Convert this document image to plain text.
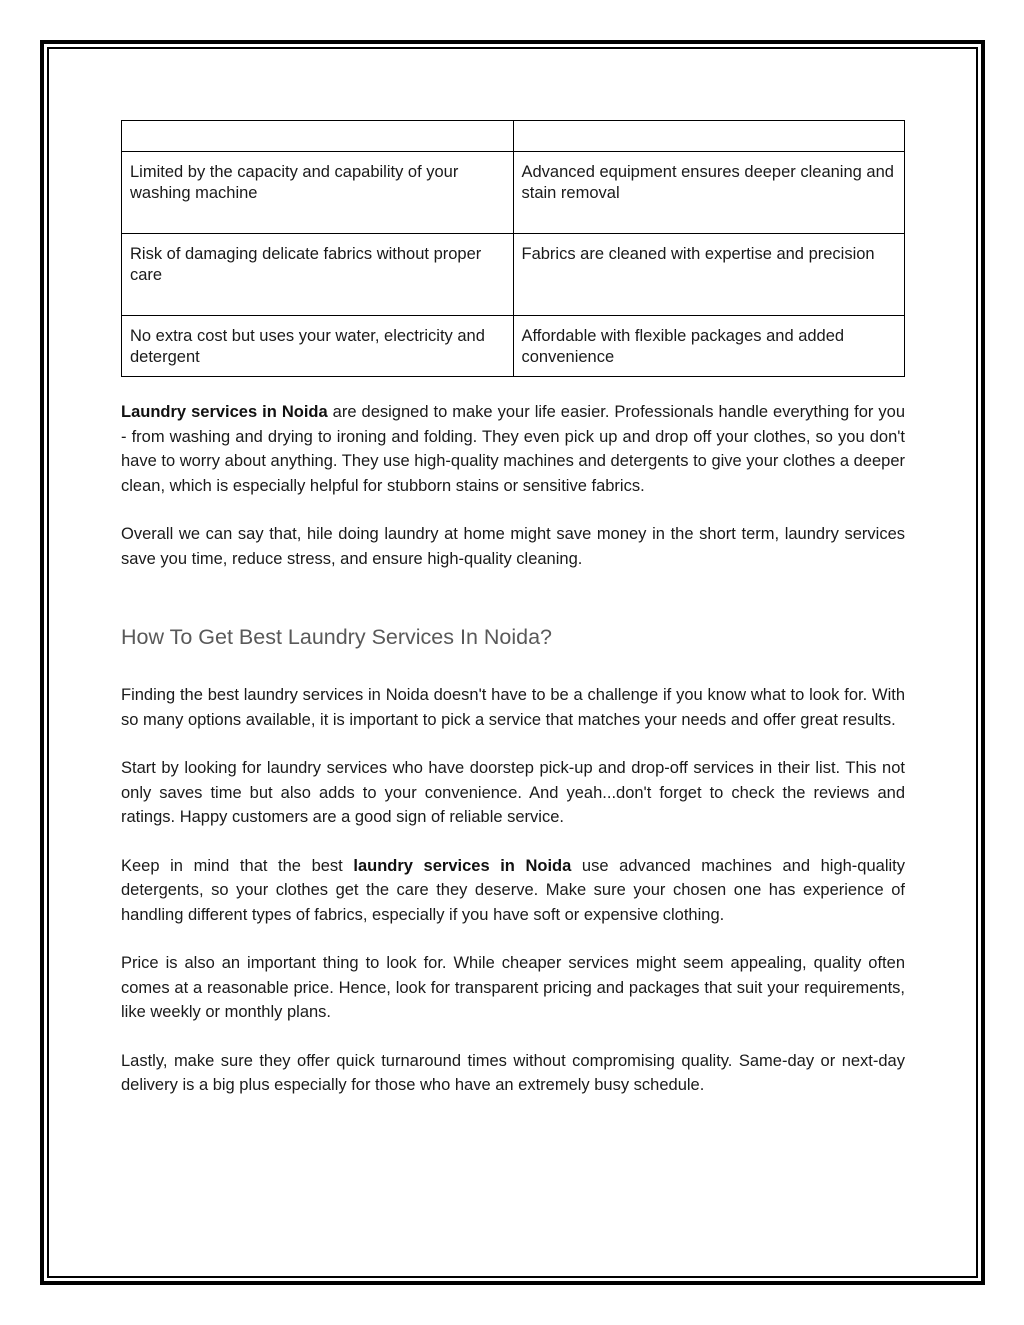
Limited by the capacity and capability of your washing machine	Advanced equipment ensures deeper cleaning and stain removal
Risk of damaging delicate fabrics without proper care	Fabrics are cleaned with expertise and precision
No extra cost but uses your water, electricity and detergent	Affordable with flexible packages and added convenience

Laundry services in Noida are designed to make your life easier. Professionals handle everything for you - from washing and drying to ironing and folding. They even pick up and drop off your clothes, so you don't have to worry about anything. They use high-quality machines and detergents to give your clothes a deeper clean, which is especially helpful for stubborn stains or sensitive fabrics.

Overall we can say that, hile doing laundry at home might save money in the short term, laundry services save you time, reduce stress, and ensure high-quality cleaning.

How To Get Best Laundry Services In Noida?

Finding the best laundry services in Noida doesn't have to be a challenge if you know what to look for. With so many options available, it is important to pick a service that matches your needs and offer great results.

Start by looking for laundry services who have doorstep pick-up and drop-off services in their list. This not only saves time but also adds to your convenience. And yeah...don't forget to check the reviews and ratings. Happy customers are a good sign of reliable service.

Keep in mind that the best laundry services in Noida use advanced machines and high-quality detergents, so your clothes get the care they deserve. Make sure your chosen one has experience of handling different types of fabrics, especially if you have soft or expensive clothing.

Price is also an important thing to look for. While cheaper services might seem appealing, quality often comes at a reasonable price. Hence, look for transparent pricing and packages that suit your requirements, like weekly or monthly plans.

Lastly, make sure they offer quick turnaround times without compromising quality. Same-day or next-day delivery is a big plus especially for those who have an extremely busy schedule.
